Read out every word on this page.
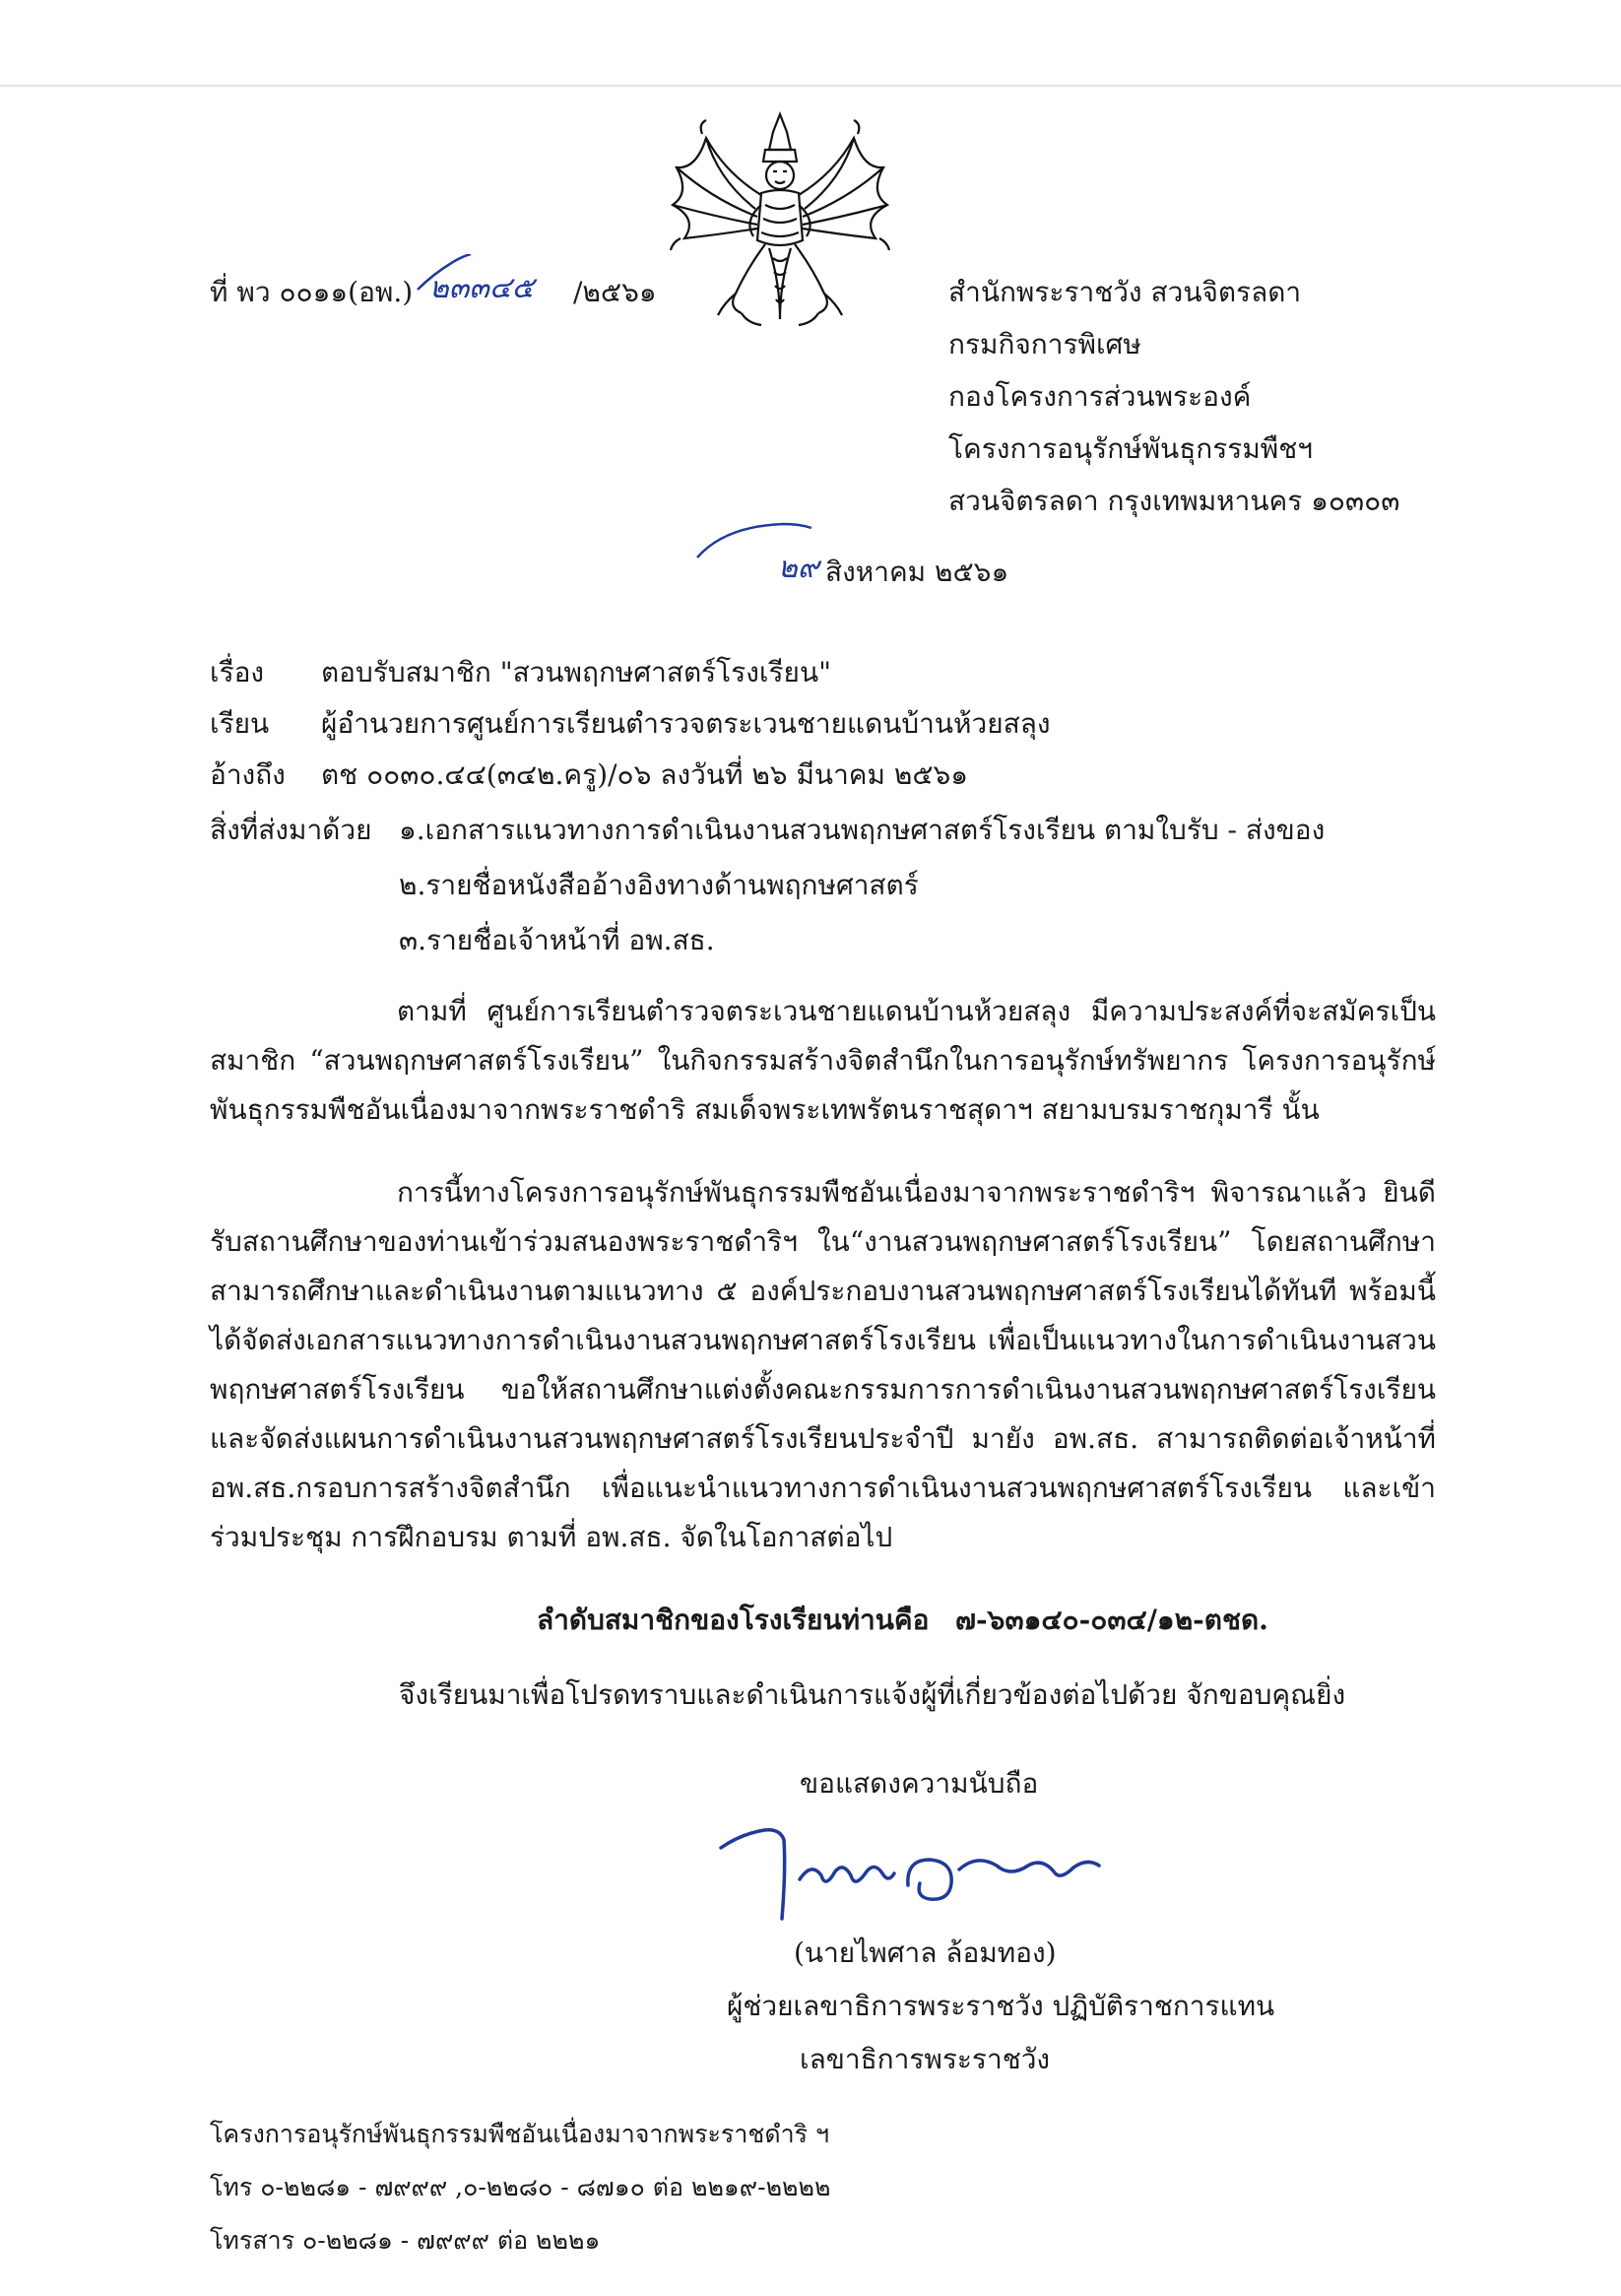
ที่ พว ๐๐๑๑(อพ.) ๒๓๓๔๕ /๒๕๖๑	สำนักพระราชวัง สวนจิตรลดา

กรมกิจการพิเศษ

กองโครงการส่วนพระองค์

โครงการอนุรักษ์พันธุกรรมพืชฯ

สวนจิตรลดา กรุงเทพมหานคร ๑๐๓๐๓

๒๙ สิงหาคม ๒๕๖๑

เรื่อง ตอบรับสมาชิก "สวนพฤกษศาสตร์โรงเรียน"

เรียน ผู้อำนวยการศูนย์การเรียนตำรวจตระเวนชายแดนบ้านห้วยสลุง

อ้างถึง ตช ๐๐๓๐.๔๔(๓๔๒.ครู)/๐๖ ลงวันที่ ๒๖ มีนาคม ๒๕๖๑

สิ่งที่ส่งมาด้วย ๑.เอกสารแนวทางการดำเนินงานสวนพฤกษศาสตร์โรงเรียน ตามใบรับ - ส่งของ

๒.รายชื่อหนังสืออ้างอิงทางด้านพฤกษศาสตร์

๓.รายชื่อเจ้าหน้าที่ อพ.สธ.

ตามที่ ศูนย์การเรียนตำรวจตระเวนชายแดนบ้านห้วยสลุง มีความประสงค์ที่จะสมัครเป็นสมาชิก “สวนพฤกษศาสตร์โรงเรียน” ในกิจกรรมสร้างจิตสำนึกในการอนุรักษ์ทรัพยากร โครงการอนุรักษ์พันธุกรรมพืชอันเนื่องมาจากพระราชดำริ สมเด็จพระเทพรัตนราชสุดาฯ สยามบรมราชกุมารี นั้น

การนี้ทางโครงการอนุรักษ์พันธุกรรมพืชอันเนื่องมาจากพระราชดำริฯ พิจารณาแล้ว ยินดีรับสถานศึกษาของท่านเข้าร่วมสนองพระราชดำริฯ ใน“งานสวนพฤกษศาสตร์โรงเรียน” โดยสถานศึกษาสามารถศึกษาและดำเนินงานตามแนวทาง ๕ องค์ประกอบงานสวนพฤกษศาสตร์โรงเรียนได้ทันที พร้อมนี้ได้จัดส่งเอกสารแนวทางการดำเนินงานสวนพฤกษศาสตร์โรงเรียน เพื่อเป็นแนวทางในการดำเนินงานสวนพฤกษศาสตร์โรงเรียน ขอให้สถานศึกษาแต่งตั้งคณะกรรมการการดำเนินงานสวนพฤกษศาสตร์โรงเรียน และจัดส่งแผนการดำเนินงานสวนพฤกษศาสตร์โรงเรียนประจำปี มายัง อพ.สธ. สามารถติดต่อเจ้าหน้าที่ อพ.สธ.กรอบการสร้างจิตสำนึก เพื่อแนะนำแนวทางการดำเนินงานสวนพฤกษศาสตร์โรงเรียน และเข้าร่วมประชุม การฝึกอบรม ตามที่ อพ.สธ. จัดในโอกาสต่อไป

ลำดับสมาชิกของโรงเรียนท่านคือ ๗-๖๓๑๔๐-๐๓๔/๑๒-ตชด.

จึงเรียนมาเพื่อโปรดทราบและดำเนินการแจ้งผู้ที่เกี่ยวข้องต่อไปด้วย จักขอบคุณยิ่ง

ขอแสดงความนับถือ

(นายไพศาล ล้อมทอง)

ผู้ช่วยเลขาธิการพระราชวัง ปฏิบัติราชการแทน

เลขาธิการพระราชวัง

โครงการอนุรักษ์พันธุกรรมพืชอันเนื่องมาจากพระราชดำริ ฯ

โทร ๐-๒๒๘๑ - ๗๙๙๙ ,๐-๒๒๘๐ - ๘๗๑๐ ต่อ ๒๒๑๙-๒๒๒๒

โทรสาร ๐-๒๒๘๑ - ๗๙๙๙ ต่อ ๒๒๒๑
